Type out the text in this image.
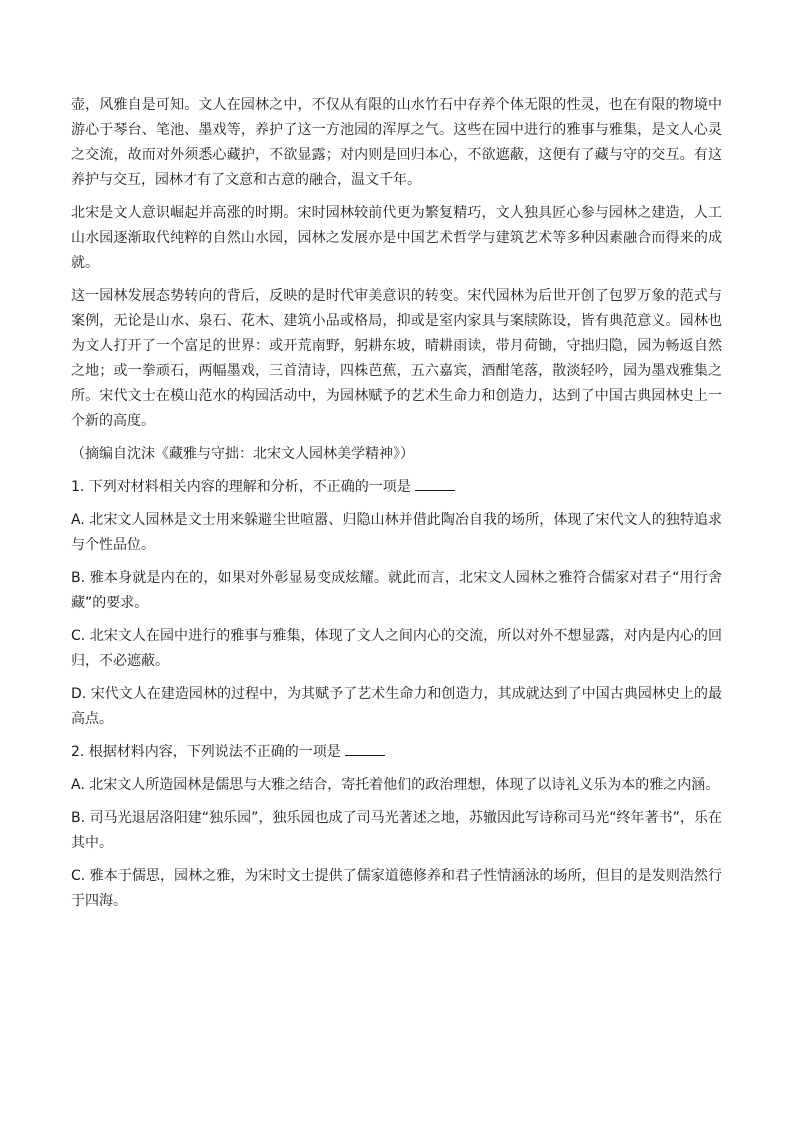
壶，风雅自是可知。文人在园林之中，不仅从有限的山水竹石中存养个体无限的性灵，也在有限的物境中游心于琴台、笔池、墨戏等，养护了这一方池园的浑厚之气。这些在园中进行的雅事与雅集，是文人心灵之交流，故而对外须悉心藏护，不欲显露；对内则是回归本心，不欲遮蔽，这便有了藏与守的交互。有这养护与交互，园林才有了文意和古意的融合，温文千年。

北宋是文人意识崛起并高涨的时期。宋时园林较前代更为繁复精巧，文人独具匠心参与园林之建造，人工山水园逐渐取代纯粹的自然山水园，园林之发展亦是中国艺术哲学与建筑艺术等多种因素融合而得来的成就。

这一园林发展态势转向的背后，反映的是时代审美意识的转变。宋代园林为后世开创了包罗万象的范式与案例，无论是山水、泉石、花木、建筑小品或格局，抑或是室内家具与案牍陈设，皆有典范意义。园林也为文人打开了一个富足的世界：或开荒南野，躬耕东坡，晴耕雨读，带月荷锄，守拙归隐，园为畅返自然之地；或一拳顽石，两幅墨戏，三首清诗，四株芭蕉，五六嘉宾，酒酣笔落，散淡轻吟，园为墨戏雅集之所。宋代文士在模山范水的构园活动中，为园林赋予的艺术生命力和创造力，达到了中国古典园林史上一个新的高度。

（摘编自沈沫《藏雅与守拙：北宋文人园林美学精神》）

1. 下列对材料相关内容的理解和分析，不正确的一项是

A. 北宋文人园林是文士用来躲避尘世喧嚣、归隐山林并借此陶冶自我的场所，体现了宋代文人的独特追求与个性品位。

B. 雅本身就是内在的，如果对外彰显易变成炫耀。就此而言，北宋文人园林之雅符合儒家对君子“用行舍藏”的要求。

C. 北宋文人在园中进行的雅事与雅集，体现了文人之间内心的交流，所以对外不想显露，对内是内心的回归，不必遮蔽。

D. 宋代文人在建造园林的过程中，为其赋予了艺术生命力和创造力，其成就达到了中国古典园林史上的最高点。

2. 根据材料内容，下列说法不正确的一项是

A. 北宋文人所造园林是儒思与大雅之结合，寄托着他们的政治理想，体现了以诗礼义乐为本的雅之内涵。

B. 司马光退居洛阳建“独乐园”，独乐园也成了司马光著述之地，苏辙因此写诗称司马光“终年著书”，乐在其中。

C. 雅本于儒思，园林之雅，为宋时文士提供了儒家道德修养和君子性情涵泳的场所，但目的是发则浩然行于四海。
